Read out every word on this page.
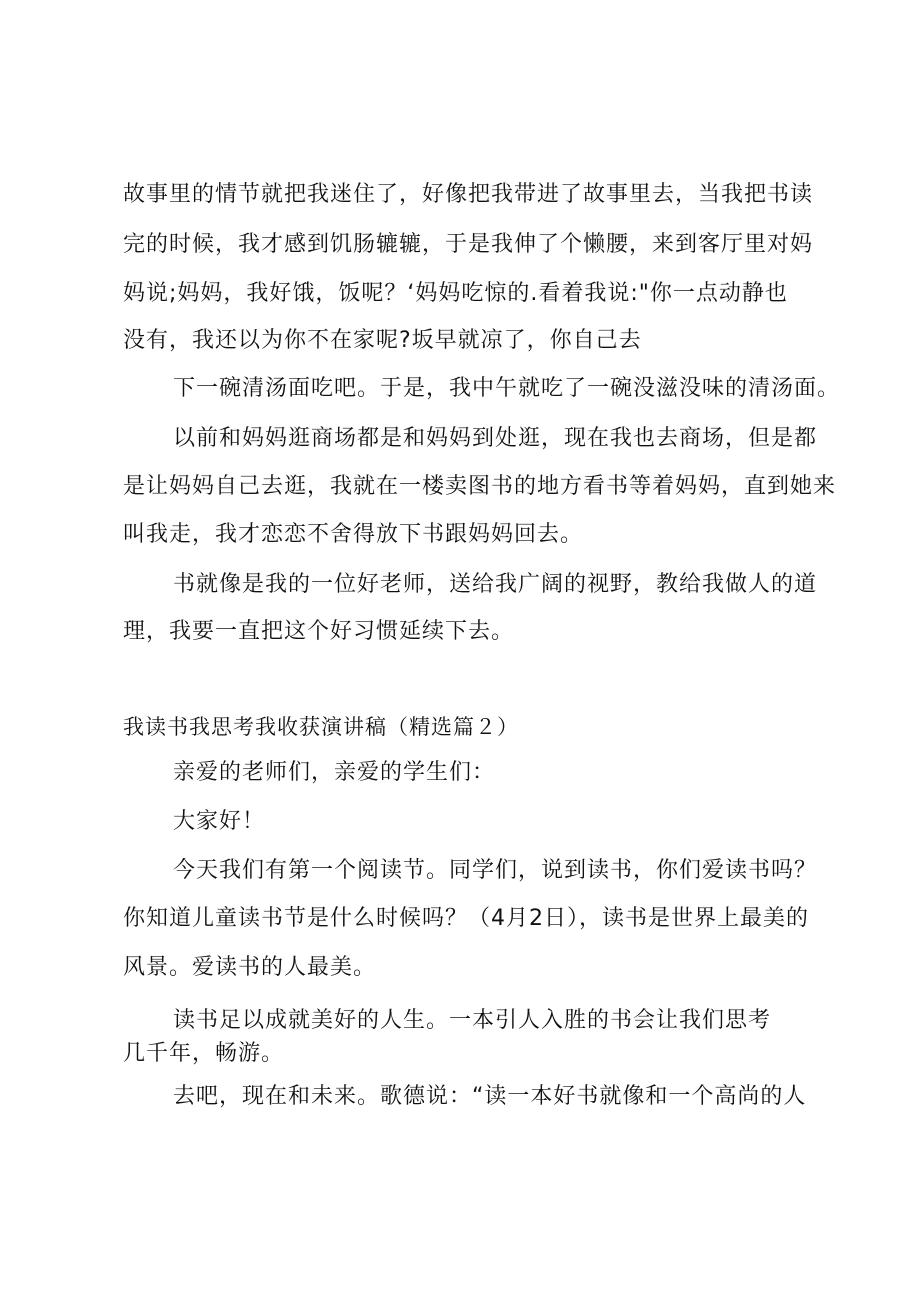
故事里的情节就把我迷住了，好像把我带进了故事里去，当我把书读
完的时候，我才感到饥肠辘辘，于是我伸了个懒腰，来到客厅里对妈
妈说;妈妈，我好饿，饭呢？‘妈妈吃惊的.看着我说:"你一点动静也
没有，我还以为你不在家呢?坂早就凉了，你自己去
下一碗清汤面吃吧。于是，我中午就吃了一碗没滋没味的清汤面。
以前和妈妈逛商场都是和妈妈到处逛，现在我也去商场，但是都
是让妈妈自己去逛，我就在一楼卖图书的地方看书等着妈妈，直到她来
叫我走，我才恋恋不舍得放下书跟妈妈回去。
书就像是我的一位好老师，送给我广阔的视野，教给我做人的道
理，我要一直把这个好习惯延续下去。
我读书我思考我收获演讲稿（精选篇２）
亲爱的老师们，亲爱的学生们：
大家好！
今天我们有第一个阅读节。同学们，说到读书，你们爱读书吗？
你知道儿童读书节是什么时候吗？（4月2日），读书是世界上最美的
风景。爱读书的人最美。
读书足以成就美好的人生。一本引人入胜的书会让我们思考
几千年，畅游。
去吧，现在和未来。歌德说：“读一本好书就像和一个高尚的人
